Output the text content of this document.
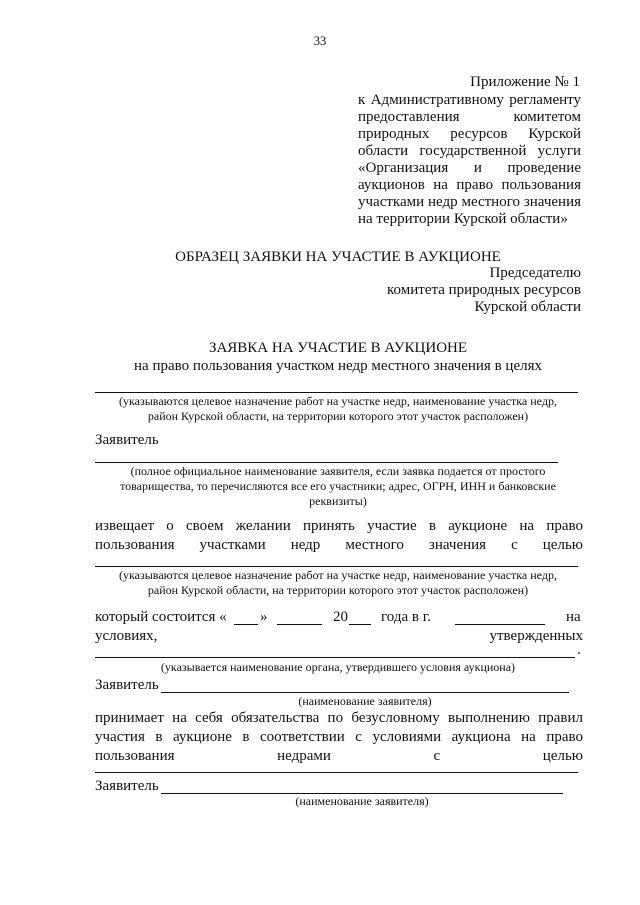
33
Приложение № 1
к Административному регламенту
предоставления комитетом
природных ресурсов Курской
области государственной услуги
«Организация и проведение
аукционов на право пользования
участками недр местного значения
на территории Курской области»
ОБРАЗЕЦ ЗАЯВКИ НА УЧАСТИЕ В АУКЦИОНЕ
Председателю
комитета природных ресурсов
Курской области
ЗАЯВКА НА УЧАСТИЕ В АУКЦИОНЕ
на право пользования участком недр местного значения в целях
(указываются целевое назначение работ на участке недр, наименование участка недр,
район Курской области, на территории которого этот участок расположен)
Заявитель
(полное официальное наименование заявителя, если заявка подается от простого
товарищества, то перечисляются все его участники; адрес, ОГРН, ИНН и банковские
реквизиты)
извещает о своем желании принять участие в аукционе на право
пользования участками недр местного значения с целью
(указываются целевое назначение работ на участке недр, наименование участка недр,
район Курской области, на территории которого этот участок расположен)
который состоится « »	20 года в г.	на
условиях,	утвержденных
.
(указывается наименование органа, утвердившего условия аукциона)
Заявитель
(наименование заявителя)
принимает на себя обязательства по безусловному выполнению правил
участия в аукционе в соответствии с условиями аукциона на право
пользования недрами с целью
Заявитель
(наименование заявителя)
